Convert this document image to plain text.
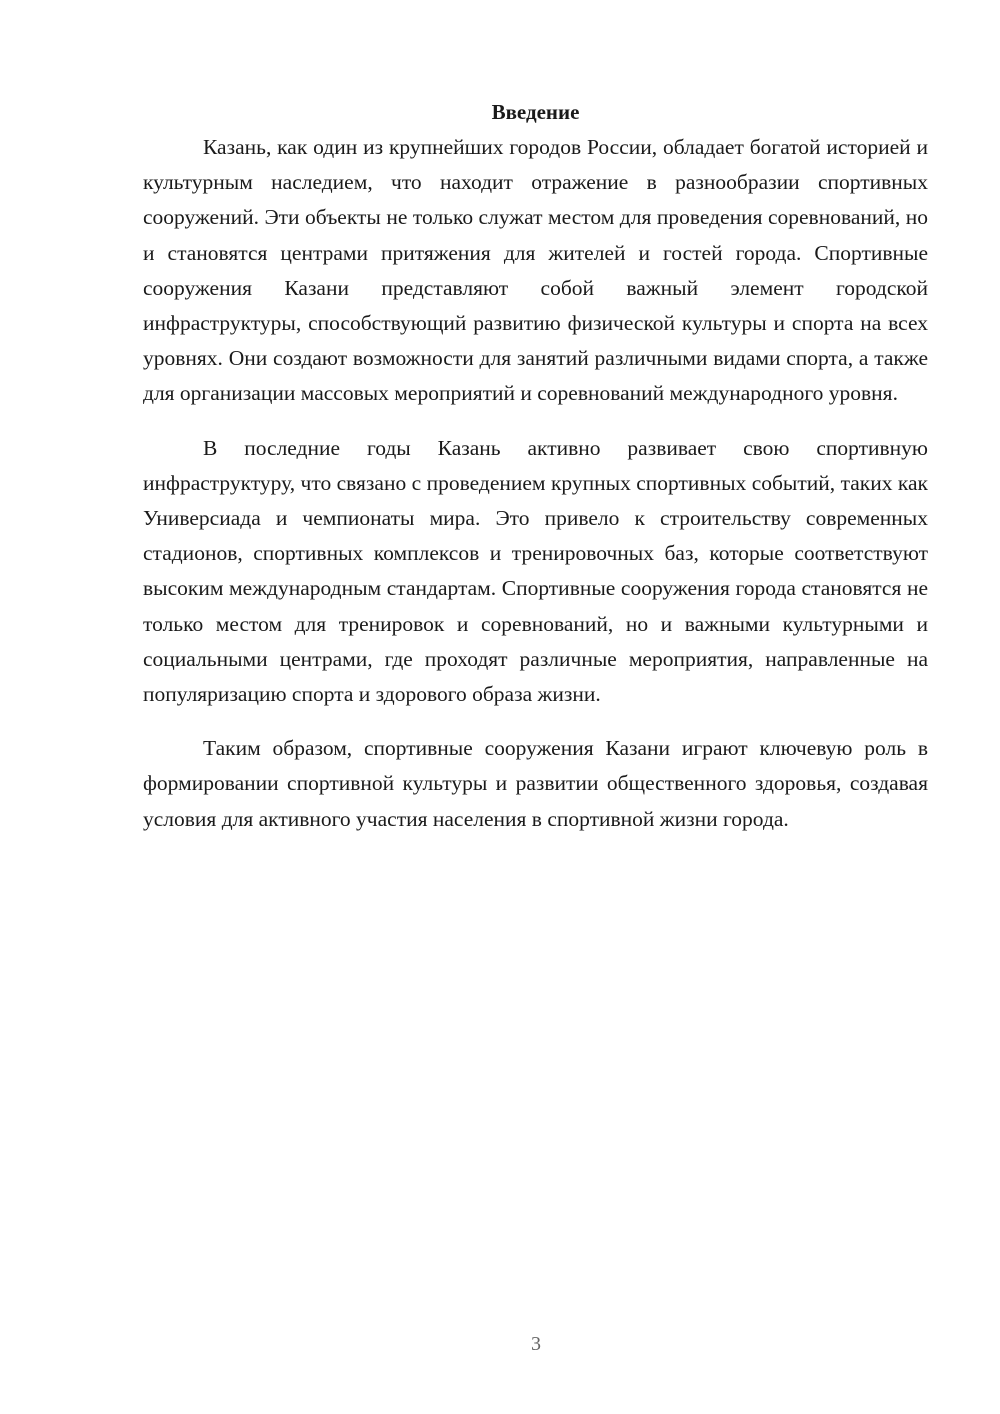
Введение

Казань, как один из крупнейших городов России, обладает богатой историей и культурным наследием, что находит отражение в разнообразии спортивных сооружений. Эти объекты не только служат местом для проведения соревнований, но и становятся центрами притяжения для жителей и гостей города. Спортивные сооружения Казани представляют собой важный элемент городской инфраструктуры, способствующий развитию физической культуры и спорта на всех уровнях. Они создают возможности для занятий различными видами спорта, а также для организации массовых мероприятий и соревнований международного уровня.

В последние годы Казань активно развивает свою спортивную инфраструктуру, что связано с проведением крупных спортивных событий, таких как Универсиада и чемпионаты мира. Это привело к строительству современных стадионов, спортивных комплексов и тренировочных баз, которые соответствуют высоким международным стандартам. Спортивные сооружения города становятся не только местом для тренировок и соревнований, но и важными культурными и социальными центрами, где проходят различные мероприятия, направленные на популяризацию спорта и здорового образа жизни.

Таким образом, спортивные сооружения Казани играют ключевую роль в формировании спортивной культуры и развитии общественного здоровья, создавая условия для активного участия населения в спортивной жизни города.

3
